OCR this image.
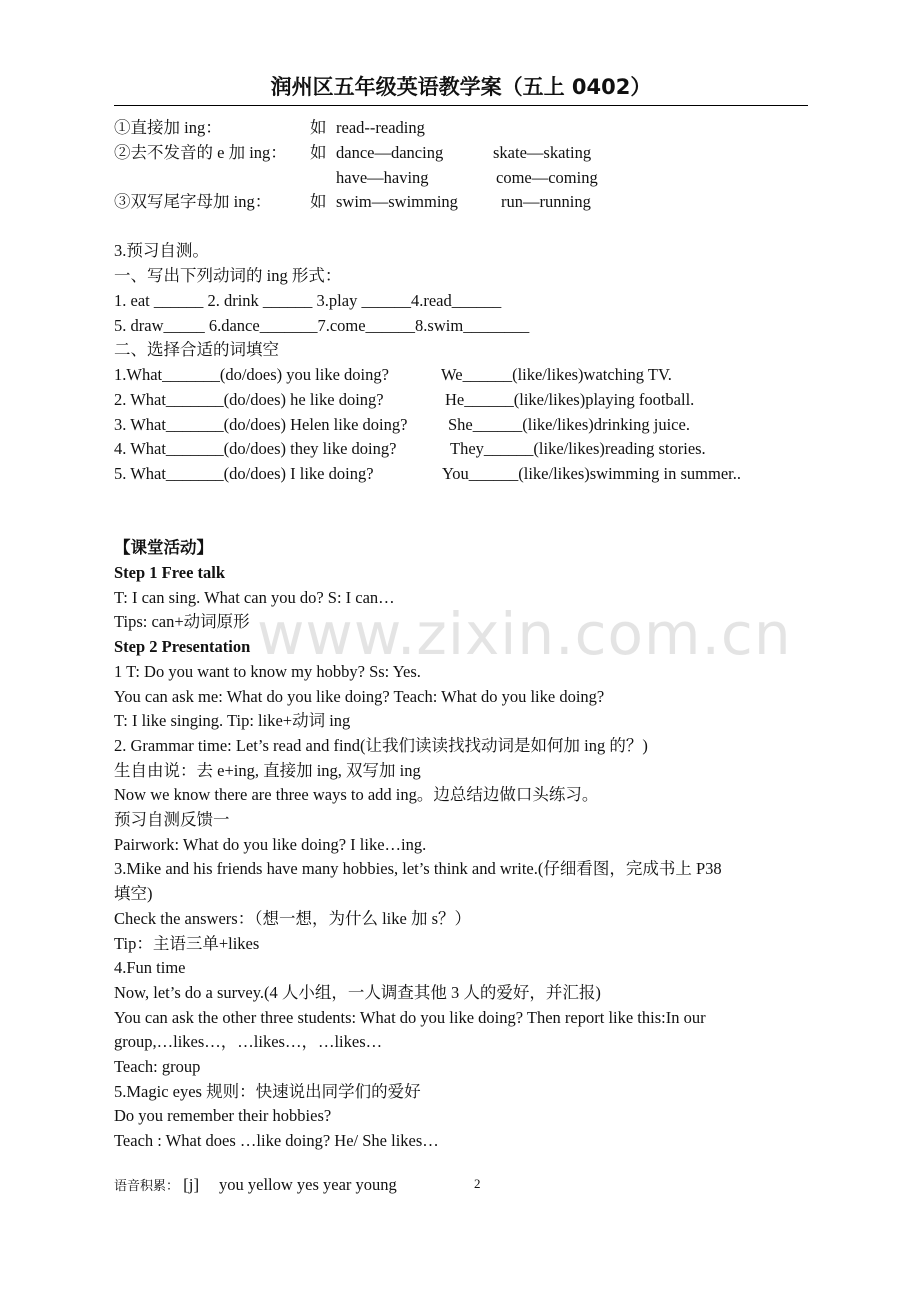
润州区五年级英语教学案（五上 0402）
①直接加 ing：	如 read--reading
②去不发音的 e 加 ing： 如 dance—dancing	skate—skating
have—having	come—coming
③双写尾字母加 ing： 如 swim—swimming	run—running
3.预习自测。
一、写出下列动词的 ing 形式：
1. eat ______ 2. drink ______ 3.play ______4.read______
5. draw_____ 6.dance_______7.come______8.swim________
二、选择合适的词填空
1.What_______(do/does) you like doing?	We______(like/likes)watching TV.
2. What_______(do/does) he like doing?	He______(like/likes)playing football.
3. What_______(do/does) Helen like doing? She______(like/likes)drinking juice.
4. What_______(do/does) they like doing?	They______(like/likes)reading stories.
5. What_______(do/does) I like doing?	You______(like/likes)swimming in summer..
【课堂活动】
Step 1 Free talk
T: I can sing. What can you do? S: I can…
Tips: can+动词原形
Step 2 Presentation
1 T: Do you want to know my hobby? Ss: Yes.
You can ask me: What do you like doing? Teach: What do you like doing?
T: I like singing. Tip: like+动词 ing
2. Grammar time: Let’s read and find(让我们读读找找动词是如何加 ing 的？)
生自由说：去 e+ing, 直接加 ing, 双写加 ing
Now we know there are three ways to add ing。边总结边做口头练习。
预习自测反馈一
Pairwork: What do you like doing? I like…ing.
3.Mike and his friends have many hobbies, let’s think and write.(仔细看图，完成书上 P38
填空)
Check the answers：（想一想，为什么 like 加 s？）
Tip：主语三单+likes
4.Fun time
Now, let’s do a survey.(4 人小组，一人调查其他 3 人的爱好，并汇报)
You can ask the other three students: What do you like doing? Then report like this:In our
group,…likes…，…likes…，…likes…
Teach: group
5.Magic eyes 规则：快速说出同学们的爱好
Do you remember their hobbies?
Teach : What does …like doing? He/ She likes…
www.zixin.com.cn
语音积累： [j] you yellow yes year young	2
